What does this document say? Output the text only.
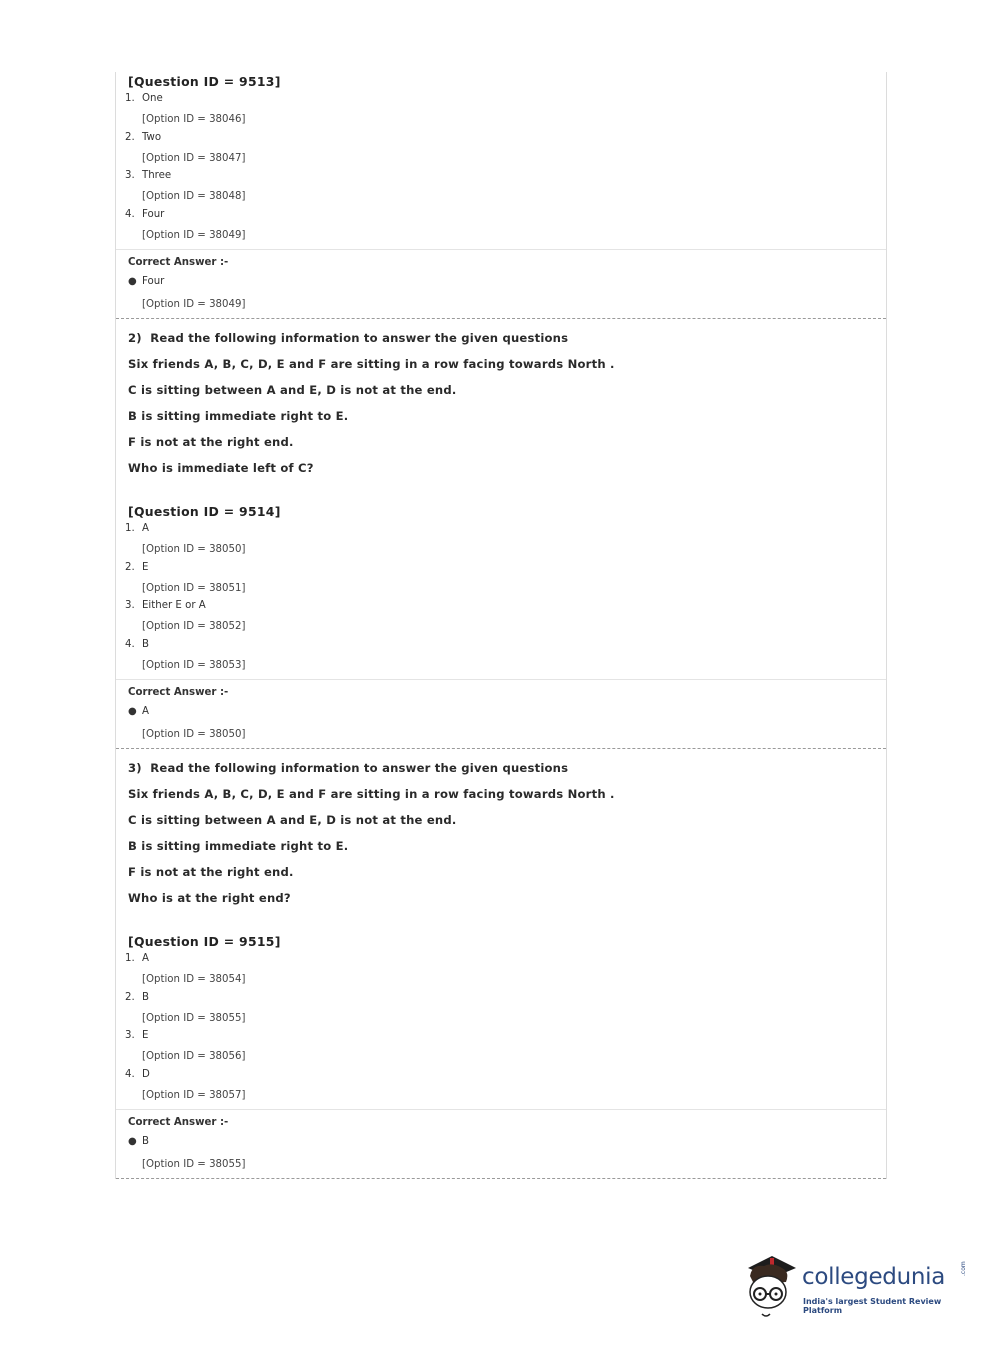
[Question ID = 9513]
1. One
[Option ID = 38046]
2. Two
[Option ID = 38047]
3. Three
[Option ID = 38048]
4. Four
[Option ID = 38049]
Correct Answer :-
● Four
[Option ID = 38049]
2) Read the following information to answer the given questions
Six friends A, B, C, D, E and F are sitting in a row facing towards North .
C is sitting between A and E, D is not at the end.
B is sitting immediate right to E.
F is not at the right end.
Who is immediate left of C?
[Question ID = 9514]
1. A
[Option ID = 38050]
2. E
[Option ID = 38051]
3. Either E or A
[Option ID = 38052]
4. B
[Option ID = 38053]
Correct Answer :-
● A
[Option ID = 38050]
3) Read the following information to answer the given questions
Six friends A, B, C, D, E and F are sitting in a row facing towards North .
C is sitting between A and E, D is not at the end.
B is sitting immediate right to E.
F is not at the right end.
Who is at the right end?
[Question ID = 9515]
1. A
[Option ID = 38054]
2. B
[Option ID = 38055]
3. E
[Option ID = 38056]
4. D
[Option ID = 38057]
Correct Answer :-
● B
[Option ID = 38055]
collegedunia .com
India's largest Student Review Platform
